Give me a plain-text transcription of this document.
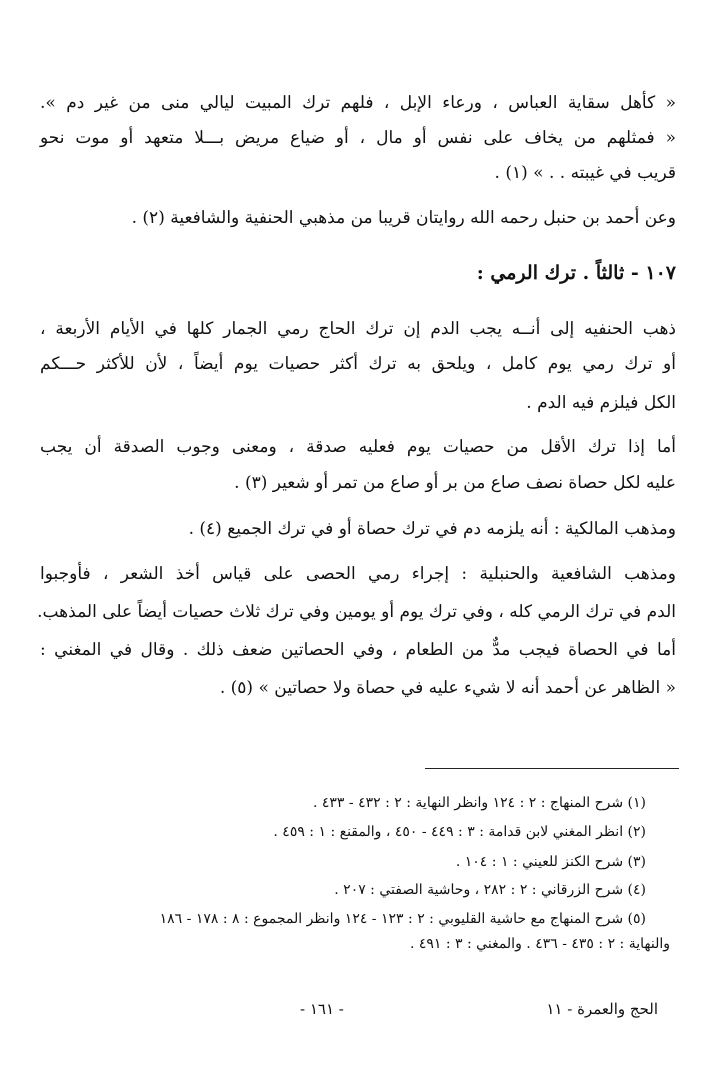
« كأهل سقاية العباس ، ورعاء الإبل ، فلهم ترك المبيت ليالي منى من غير دم ».
« فمثلهم من يخاف على نفس أو مال ، أو ضياع مريض بـــلا متعهد أو موت نحو
قريب في غيبته . . » (١) .
وعن أحمد بن حنبل رحمه الله روايتان قريبا من مذهبي الحنفية والشافعية (٢) .
١٠٧ - ثالثاً . ترك الرمي :
ذهب الحنفيه إلى أنــه يجب الدم إن ترك الحاج رمي الجمار كلها في الأيام الأربعة ،
أو ترك رمي يوم كامل ، ويلحق به ترك أكثر حصيات يوم أيضاً ، لأن للأكثر حـــكم
الكل فيلزم فيه الدم .
أما إذا ترك الأقل من حصيات يوم فعليه صدقة ، ومعنى وجوب الصدقة أن يجب
عليه لكل حصاة نصف صاع من بر أو صاع من تمر أو شعير (٣) .
ومذهب المالكية : أنه يلزمه دم في ترك حصاة أو في ترك الجميع (٤) .
ومذهب الشافعية والحنبلية : إجراء رمي الحصى على قياس أخذ الشعر ، فأوجبوا
الدم في ترك الرمي كله ، وفي ترك يوم أو يومين وفي ترك ثلاث حصيات أيضاً على المذهب.
أما في الحصاة فيجب مدٌّ من الطعام ، وفي الحصاتين ضعف ذلك . وقال في المغني :
« الظاهر عن أحمد أنه لا شيء عليه في حصاة ولا حصاتين » (٥) .
(١) شرح المنهاج : ٢ : ١٢٤ وانظر النهاية : ٢ : ٤٣٢ - ٤٣٣ .
(٢) انظر المغني لابن قدامة : ٣ : ٤٤٩ - ٤٥٠ ، والمقنع : ١ : ٤٥٩ .
(٣) شرح الكنز للعيني : ١ : ١٠٤ .
(٤) شرح الزرقاني : ٢ : ٢٨٢ ، وحاشية الصفتي : ٢٠٧ .
(٥) شرح المنهاج مع حاشية القليوبي : ٢ : ١٢٣ - ١٢٤ وانظر المجموع : ٨ : ١٧٨ - ١٨٦
والنهاية : ٢ : ٤٣٥ - ٤٣٦ . والمغني : ٣ : ٤٩١ .
- ١٦١ -	الحج والعمرة - ١١
